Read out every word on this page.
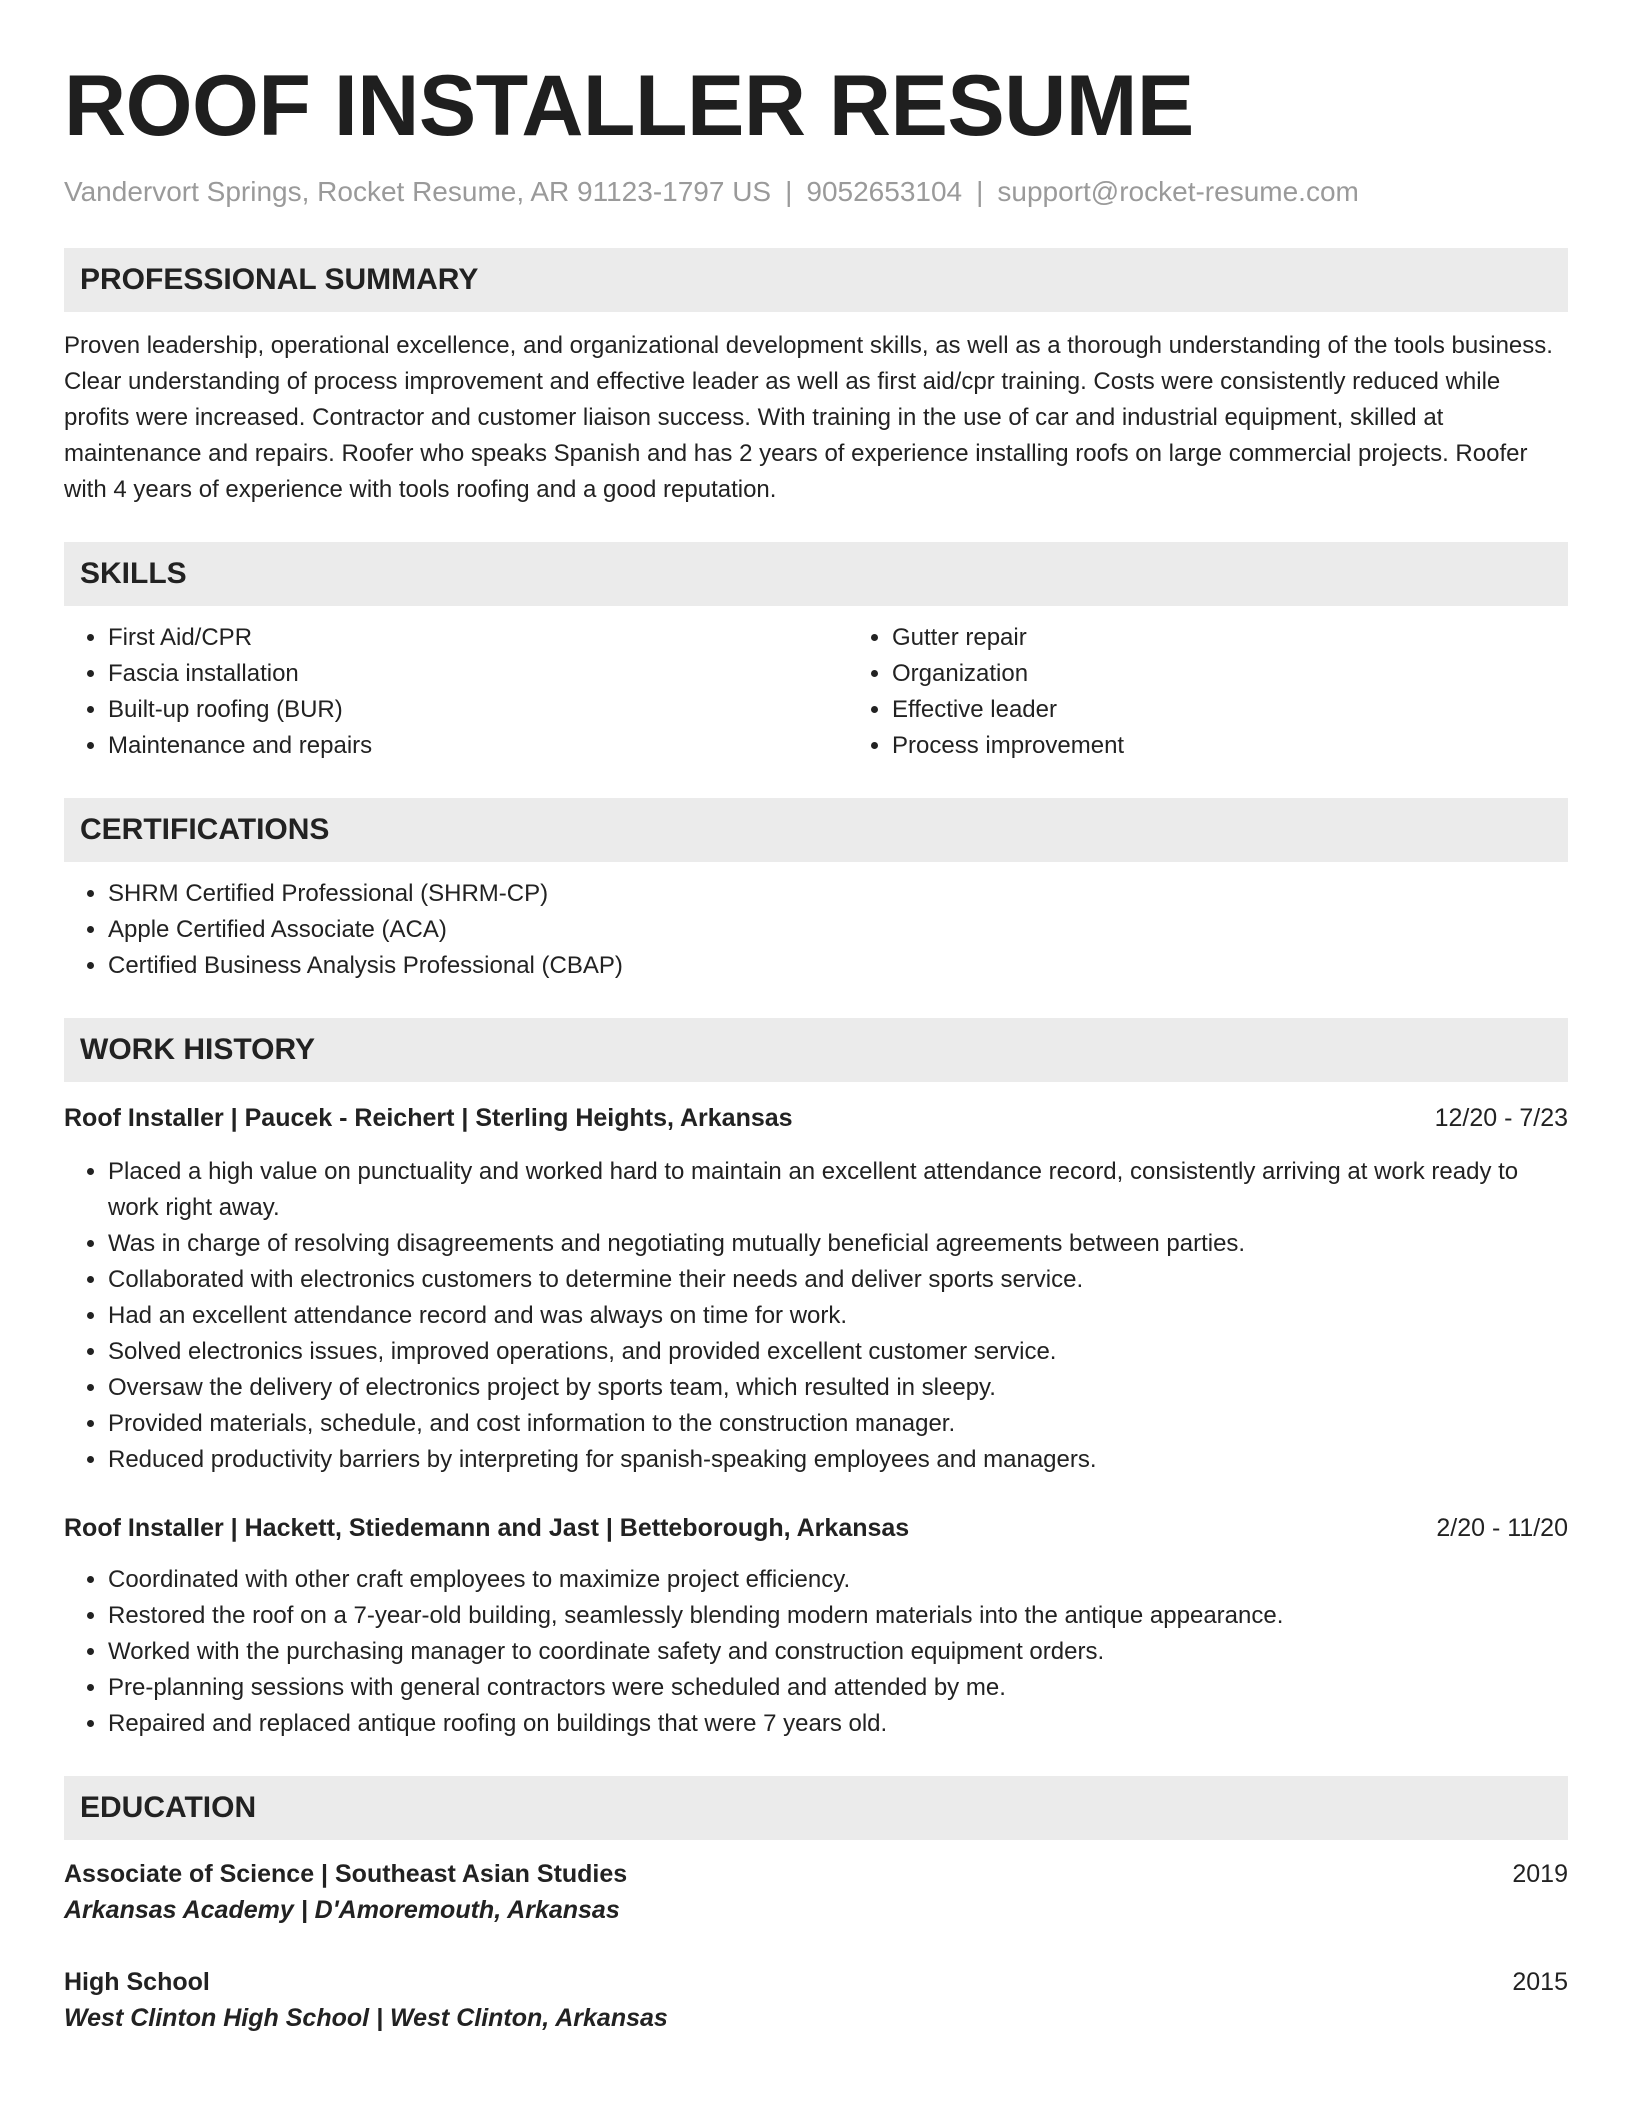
ROOF INSTALLER RESUME
Vandervort Springs, Rocket Resume, AR 91123-1797 US | 9052653104 | support@rocket-resume.com
PROFESSIONAL SUMMARY

Proven leadership, operational excellence, and organizational development skills, as well as a thorough understanding of the tools business. Clear understanding of process improvement and effective leader as well as first aid/cpr training. Costs were consistently reduced while profits were increased. Contractor and customer liaison success. With training in the use of car and industrial equipment, skilled at maintenance and repairs. Roofer who speaks Spanish and has 2 years of experience installing roofs on large commercial projects. Roofer with 4 years of experience with tools roofing and a good reputation.

SKILLS
• First Aid/CPR
• Fascia installation
• Built-up roofing (BUR)
• Maintenance and repairs
• Gutter repair
• Organization
• Effective leader
• Process improvement
CERTIFICATIONS
• SHRM Certified Professional (SHRM-CP)
• Apple Certified Associate (ACA)
• Certified Business Analysis Professional (CBAP)
WORK HISTORY
Roof Installer | Paucek - Reichert | Sterling Heights, Arkansas	12/20 - 7/23
• Placed a high value on punctuality and worked hard to maintain an excellent attendance record, consistently arriving at work ready to work right away.
• Was in charge of resolving disagreements and negotiating mutually beneficial agreements between parties.
• Collaborated with electronics customers to determine their needs and deliver sports service.
• Had an excellent attendance record and was always on time for work.
• Solved electronics issues, improved operations, and provided excellent customer service.
• Oversaw the delivery of electronics project by sports team, which resulted in sleepy.
• Provided materials, schedule, and cost information to the construction manager.
• Reduced productivity barriers by interpreting for spanish-speaking employees and managers.
Roof Installer | Hackett, Stiedemann and Jast | Betteborough, Arkansas	2/20 - 11/20
• Coordinated with other craft employees to maximize project efficiency.
• Restored the roof on a 7-year-old building, seamlessly blending modern materials into the antique appearance.
• Worked with the purchasing manager to coordinate safety and construction equipment orders.
• Pre-planning sessions with general contractors were scheduled and attended by me.
• Repaired and replaced antique roofing on buildings that were 7 years old.
EDUCATION
Associate of Science | Southeast Asian Studies	2019
Arkansas Academy | D'Amoremouth, Arkansas
High School	2015
West Clinton High School | West Clinton, Arkansas
